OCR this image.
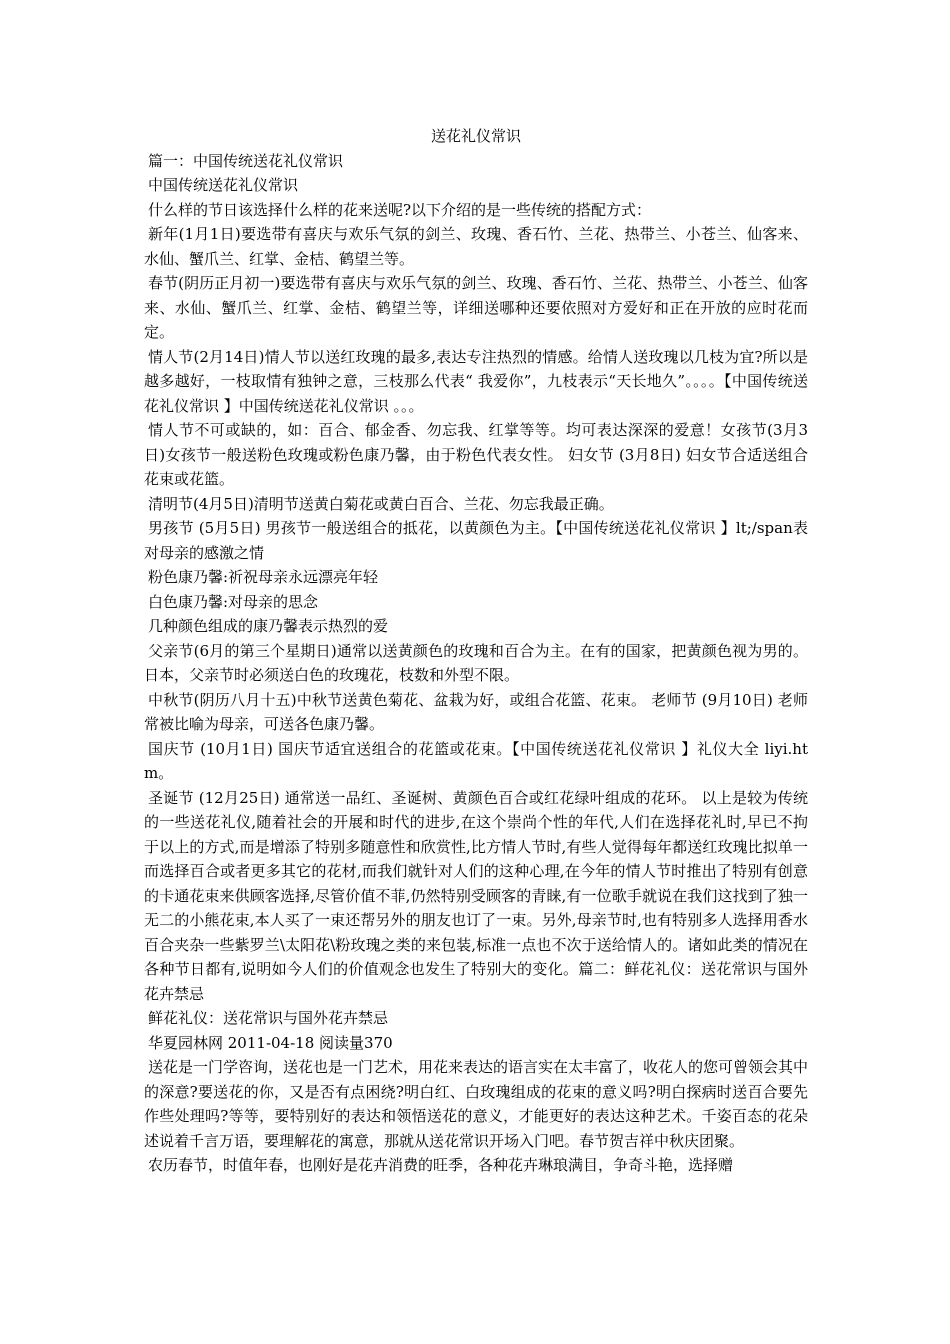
送花礼仪常识

篇一：中国传统送花礼仪常识

中国传统送花礼仪常识

什么样的节日该选择什么样的花来送呢?以下介绍的是一些传统的搭配方式：

新年(1月1日)要选带有喜庆与欢乐气氛的剑兰、玫瑰、香石竹、兰花、热带兰、小苍兰、仙客来、水仙、蟹爪兰、红掌、金桔、鹤望兰等。

春节(阴历正月初一)要选带有喜庆与欢乐气氛的剑兰、玫瑰、香石竹、兰花、热带兰、小苍兰、仙客来、水仙、蟹爪兰、红掌、金桔、鹤望兰等，详细送哪种还要依照对方爱好和正在开放的应时花而定。

情人节(2月14日)情人节以送红玫瑰的最多,表达专注热烈的情感。给情人送玫瑰以几枝为宜?所以是越多越好，一枝取情有独钟之意，三枝那么代表“ 我爱你”，九枝表示“天长地久”。。。。【中国传统送花礼仪常识 】中国传统送花礼仪常识 。。。

情人节不可或缺的，如：百合、郁金香、勿忘我、红掌等等。均可表达深深的爱意！女孩节(3月3日)女孩节一般送粉色玫瑰或粉色康乃馨，由于粉色代表女性。 妇女节 (3月8日) 妇女节合适送组合花束或花篮。

清明节(4月5日)清明节送黄白菊花或黄白百合、兰花、勿忘我最正确。

男孩节 (5月5日) 男孩节一般送组合的抵花，以黄颜色为主。【中国传统送花礼仪常识 】lt;/span表对母亲的感激之情

粉色康乃馨:祈祝母亲永远漂亮年轻

白色康乃馨:对母亲的思念

几种颜色组成的康乃馨表示热烈的爱

父亲节(6月的第三个星期日)通常以送黄颜色的玫瑰和百合为主。在有的国家，把黄颜色视为男的。日本，父亲节时必须送白色的玫瑰花，枝数和外型不限。

中秋节(阴历八月十五)中秋节送黄色菊花、盆栽为好，或组合花篮、花束。 老师节 (9月10日) 老师常被比喻为母亲，可送各色康乃馨。

国庆节 (10月1日) 国庆节适宜送组合的花篮或花束。【中国传统送花礼仪常识 】礼仪大全 liyi.htm。

圣诞节 (12月25日) 通常送一品红、圣诞树、黄颜色百合或红花绿叶组成的花环。 以上是较为传统的一些送花礼仪,随着社会的开展和时代的进步,在这个崇尚个性的年代,人们在选择花礼时,早已不拘于以上的方式,而是增添了特别多随意性和欣赏性,比方情人节时,有些人觉得每年都送红玫瑰比拟单一而选择百合或者更多其它的花材,而我们就针对人们的这种心理,在今年的情人节时推出了特别有创意的卡通花束来供顾客选择,尽管价值不菲,仍然特别受顾客的青睐,有一位歌手就说在我们这找到了独一无二的小熊花束,本人买了一束还帮另外的朋友也订了一束。另外,母亲节时,也有特别多人选择用香水百合夹杂一些紫罗兰\太阳花\粉玫瑰之类的来包装,标准一点也不次于送给情人的。诸如此类的情况在各种节日都有,说明如今人们的价值观念也发生了特别大的变化。篇二：鲜花礼仪：送花常识与国外花卉禁忌

鲜花礼仪：送花常识与国外花卉禁忌

华夏园林网 2011-04-18 阅读量370

送花是一门学咨询，送花也是一门艺术，用花来表达的语言实在太丰富了，收花人的您可曾领会其中的深意?要送花的你，又是否有点困绕?明白红、白玫瑰组成的花束的意义吗?明白探病时送百合要先作些处理吗?等等，要特别好的表达和领悟送花的意义，才能更好的表达这种艺术。千姿百态的花朵述说着千言万语，要理解花的寓意，那就从送花常识开场入门吧。春节贺吉祥中秋庆团聚。

农历春节，时值年春，也刚好是花卉消费的旺季，各种花卉琳琅满目，争奇斗艳，选择赠
